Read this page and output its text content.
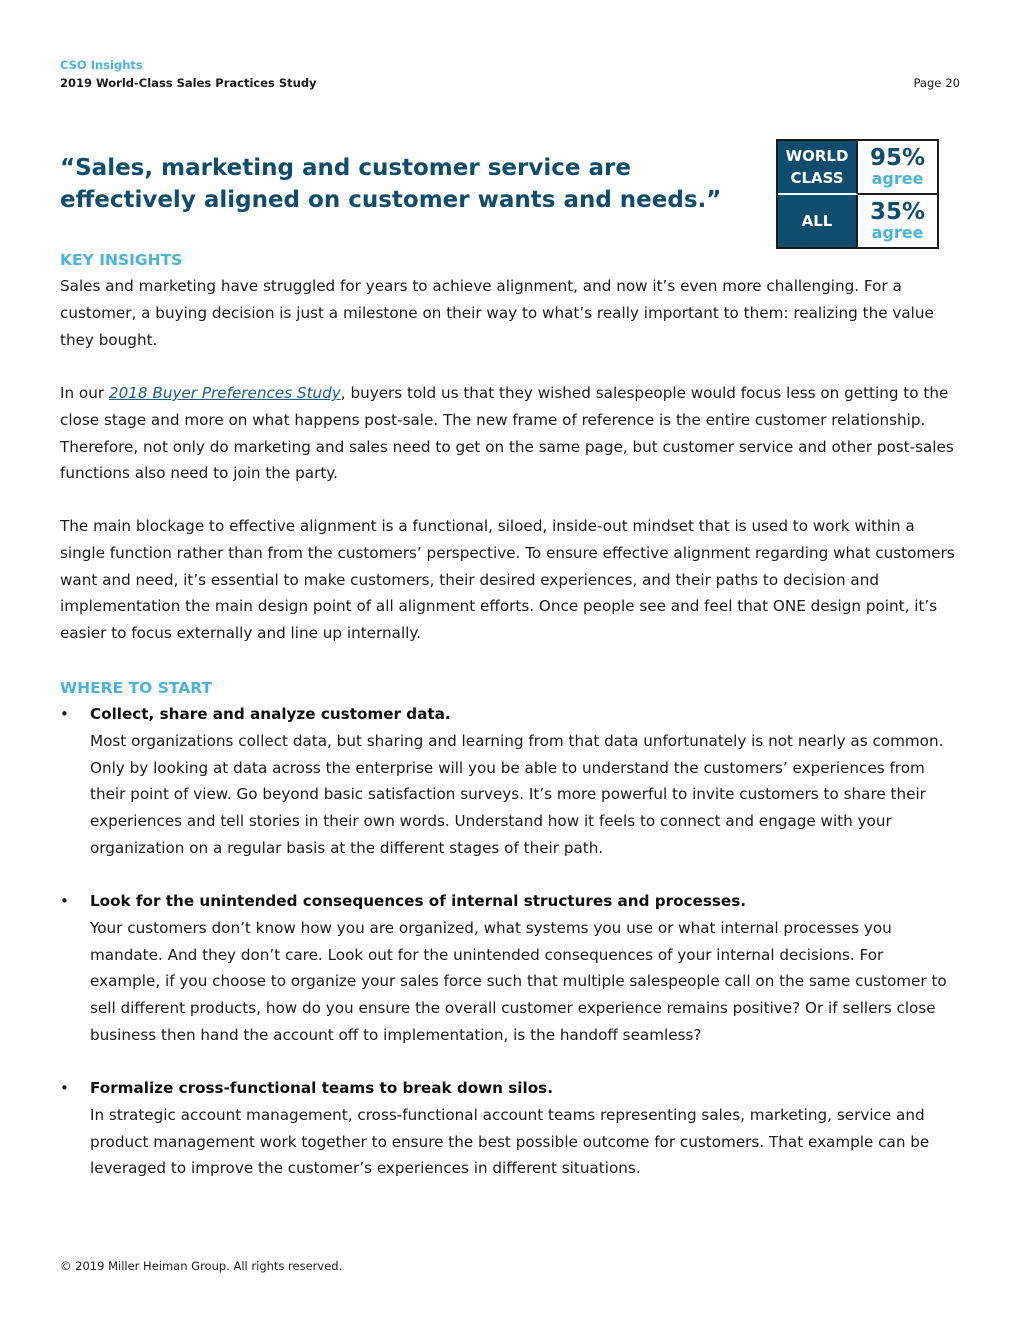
CSO Insights
2019 World-Class Sales Practices Study	Page 20
“Sales, marketing and customer service are effectively aligned on customer wants and needs.”
WORLD CLASS
95%
agree
ALL	35%
agree
KEY INSIGHTS

Sales and marketing have struggled for years to achieve alignment, and now it’s even more challenging. For a customer, a buying decision is just a milestone on their way to what’s really important to them: realizing the value they bought.

In our 2018 Buyer Preferences Study, buyers told us that they wished salespeople would focus less on getting to the close stage and more on what happens post-sale. The new frame of reference is the entire customer relationship. Therefore, not only do marketing and sales need to get on the same page, but customer service and other post-sales functions also need to join the party.

The main blockage to effective alignment is a functional, siloed, inside-out mindset that is used to work within a single function rather than from the customers’ perspective. To ensure effective alignment regarding what customers want and need, it’s essential to make customers, their desired experiences, and their paths to decision and implementation the main design point of all alignment efforts. Once people see and feel that ONE design point, it’s easier to focus externally and line up internally.

WHERE TO START
• Collect, share and analyze customer data.
Most organizations collect data, but sharing and learning from that data unfortunately is not nearly as common. Only by looking at data across the enterprise will you be able to understand the customers’ experiences from their point of view. Go beyond basic satisfaction surveys. It’s more powerful to invite customers to share their experiences and tell stories in their own words. Understand how it feels to connect and engage with your organization on a regular basis at the different stages of their path.
• Look for the unintended consequences of internal structures and processes.
Your customers don’t know how you are organized, what systems you use or what internal processes you mandate. And they don’t care. Look out for the unintended consequences of your internal decisions. For example, if you choose to organize your sales force such that multiple salespeople call on the same customer to sell different products, how do you ensure the overall customer experience remains positive? Or if sellers close business then hand the account off to implementation, is the handoff seamless?
• Formalize cross-functional teams to break down silos.
In strategic account management, cross-functional account teams representing sales, marketing, service and product management work together to ensure the best possible outcome for customers. That example can be leveraged to improve the customer’s experiences in different situations.
© 2019 Miller Heiman Group. All rights reserved.
